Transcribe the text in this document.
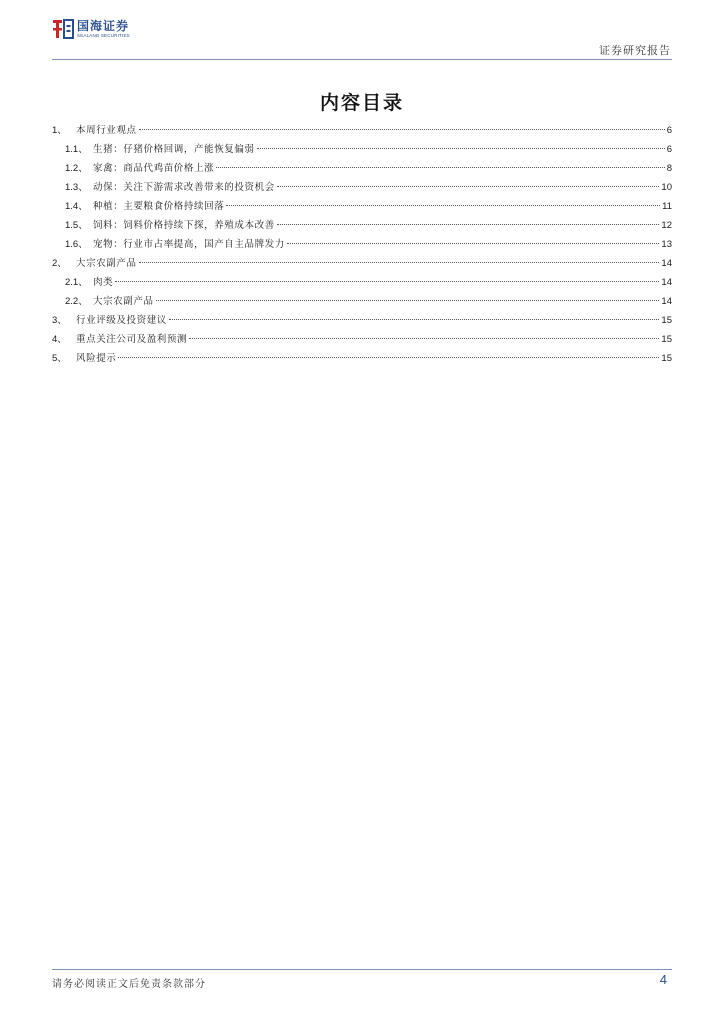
国海证券
SEALAND SECURITIES
证券研究报告
内容目录
1、 本周行业观点	6
1.1、 生猪：仔猪价格回调，产能恢复偏弱	6
1.2、 家禽：商品代鸡苗价格上涨	8
1.3、 动保：关注下游需求改善带来的投资机会	10
1.4、 种植：主要粮食价格持续回落	11
1.5、 饲料：饲料价格持续下探，养殖成本改善	12
1.6、 宠物：行业市占率提高，国产自主品牌发力	13
2、 大宗农副产品	14
2.1、 肉类	14
2.2、 大宗农副产品	14
3、 行业评级及投资建议	15
4、 重点关注公司及盈利预测	15
5、 风险提示	15
请务必阅读正文后免责条款部分	4
